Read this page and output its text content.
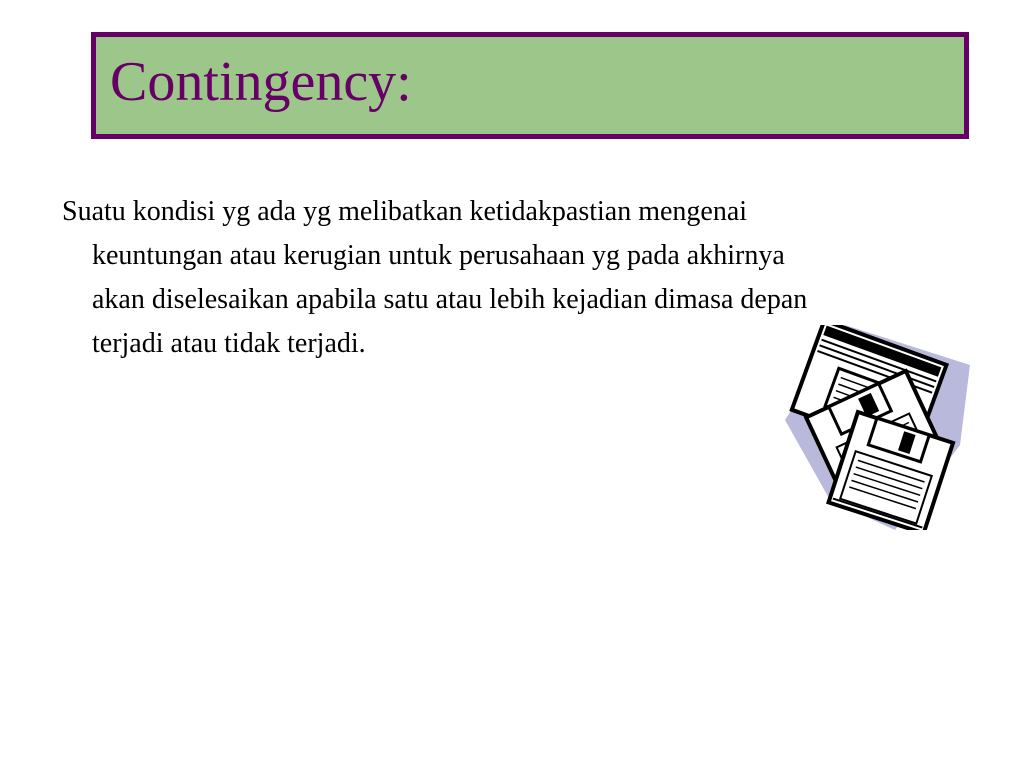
Contingency:

Suatu kondisi yg ada yg melibatkan ketidakpastian mengenai keuntungan atau kerugian untuk perusahaan yg pada akhirnya akan diselesaikan apabila satu atau lebih kejadian dimasa depan terjadi atau tidak terjadi.
